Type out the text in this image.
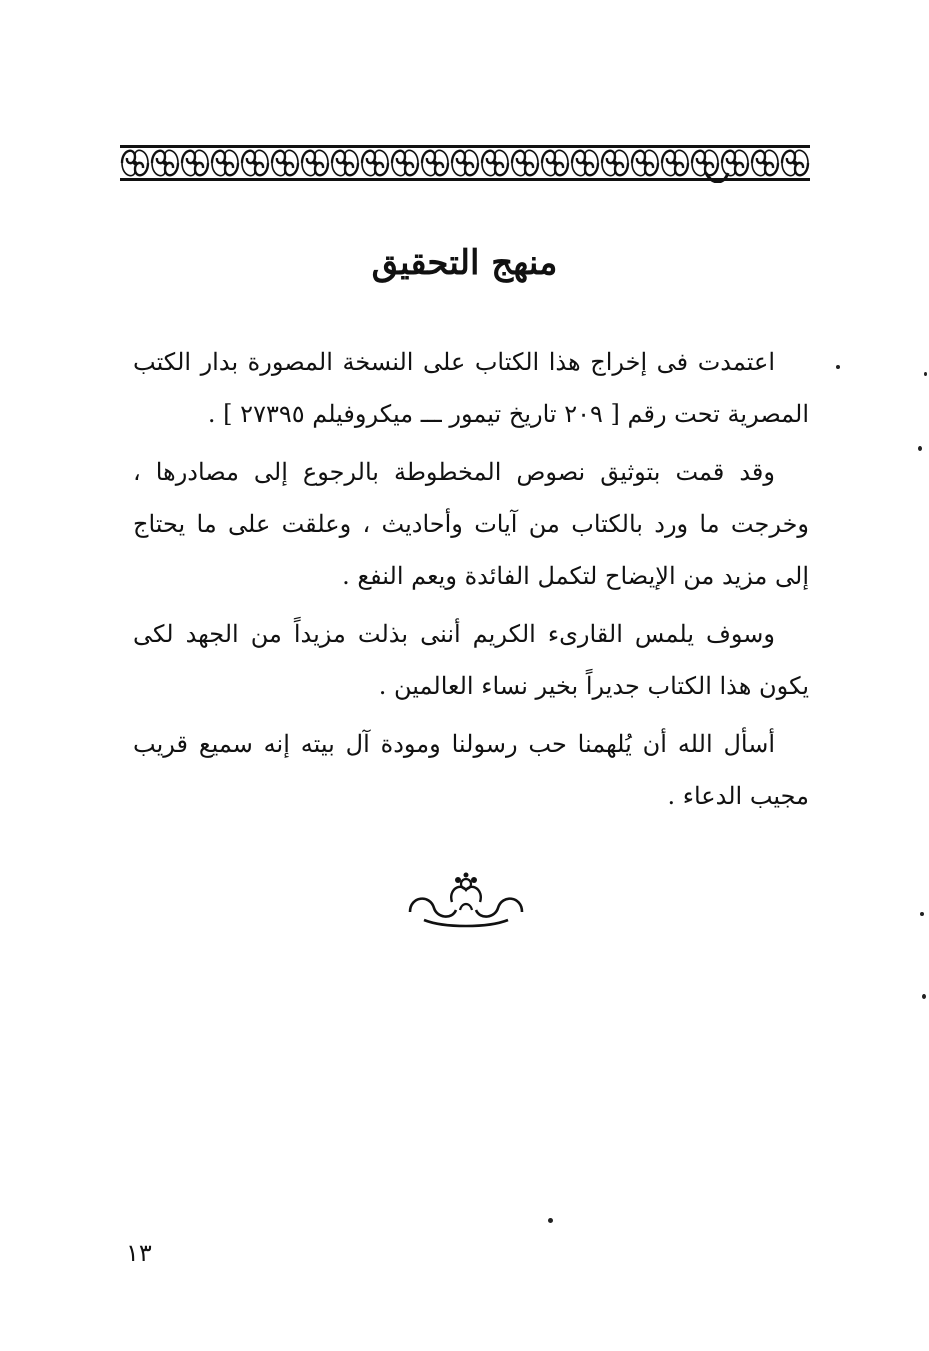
منهج التحقيق

اعتمدت فى إخراج هذا الكتاب على النسخة المصورة بدار الكتب المصرية تحت رقم [ ٢٠٩ تاريخ تيمور ـــ ميكروفيلم ٢٧٣٩٥ ] .

وقد قمت بتوثيق نصوص المخطوطة بالرجوع إلى مصادرها ، وخرجت ما ورد بالكتاب من آيات وأحاديث ، وعلقت على ما يحتاج إلى مزيد من الإيضاح لتكمل الفائدة ويعم النفع .

وسوف يلمس القارىء الكريم أننى بذلت مزيداً من الجهد لكى يكون هذا الكتاب جديراً بخير نساء العالمين .

أسأل الله أن يُلهمنا حب رسولنا ومودة آل بيته إنه سميع قريب مجيب الدعاء .

١٣
